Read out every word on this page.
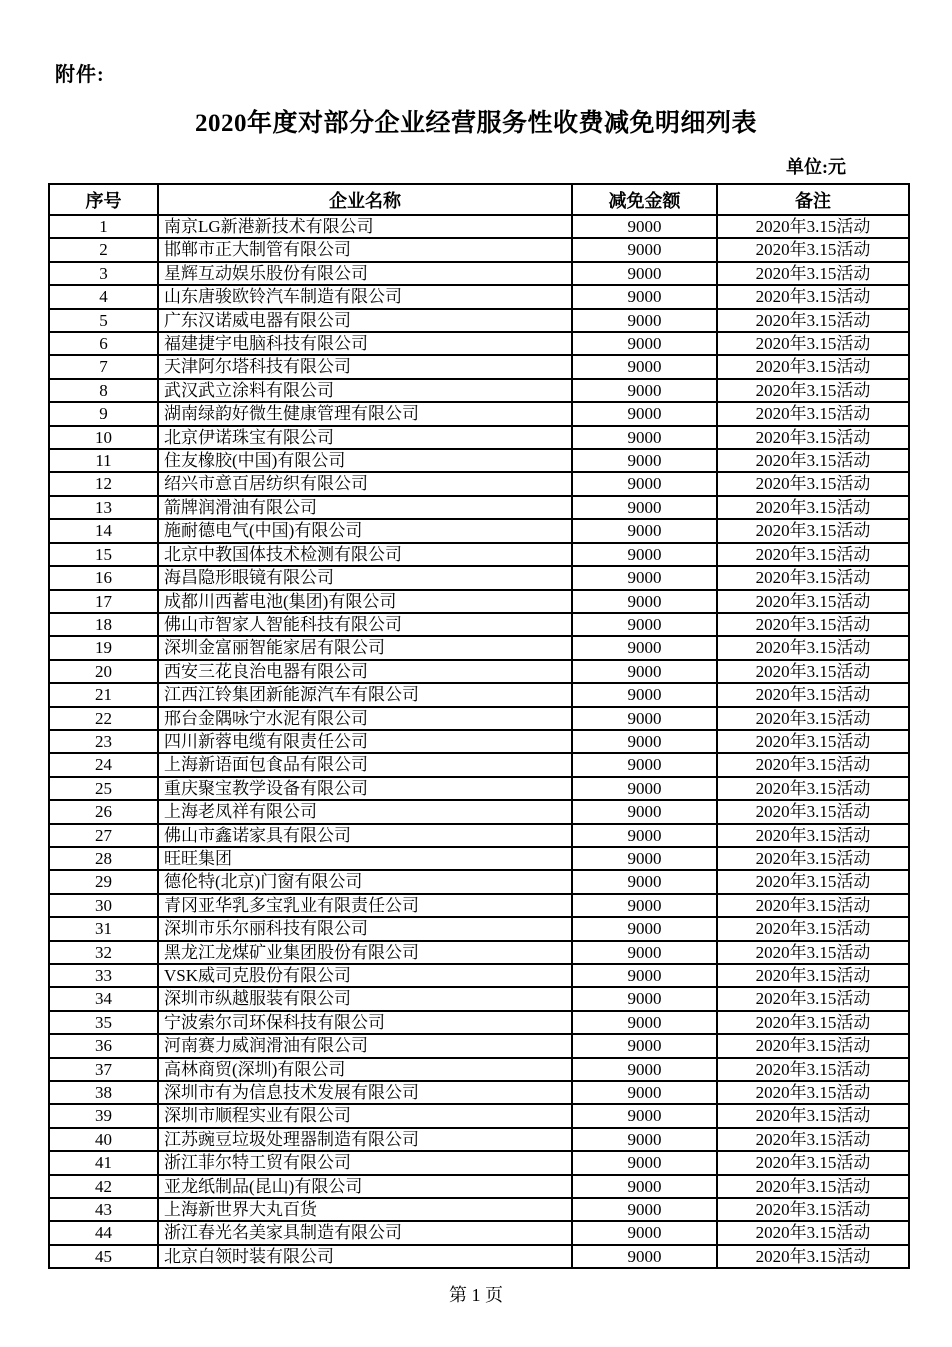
附件:
2020年度对部分企业经营服务性收费减免明细列表
单位:元
序号	企业名称	减免金额	备注
1	南京LG新港新技术有限公司	9000	2020年3.15活动
2	邯郸市正大制管有限公司	9000	2020年3.15活动
3	星辉互动娱乐股份有限公司	9000	2020年3.15活动
4	山东唐骏欧铃汽车制造有限公司	9000	2020年3.15活动
5	广东汉诺威电器有限公司	9000	2020年3.15活动
6	福建捷宇电脑科技有限公司	9000	2020年3.15活动
7	天津阿尔塔科技有限公司	9000	2020年3.15活动
8	武汉武立涂料有限公司	9000	2020年3.15活动
9	湖南绿韵好微生健康管理有限公司	9000	2020年3.15活动
10	北京伊诺珠宝有限公司	9000	2020年3.15活动
11	住友橡胶(中国)有限公司	9000	2020年3.15活动
12	绍兴市意百居纺织有限公司	9000	2020年3.15活动
13	箭牌润滑油有限公司	9000	2020年3.15活动
14	施耐德电气(中国)有限公司	9000	2020年3.15活动
15	北京中教国体技术检测有限公司	9000	2020年3.15活动
16	海昌隐形眼镜有限公司	9000	2020年3.15活动
17	成都川西蓄电池(集团)有限公司	9000	2020年3.15活动
18	佛山市智家人智能科技有限公司	9000	2020年3.15活动
19	深圳金富丽智能家居有限公司	9000	2020年3.15活动
20	西安三花良治电器有限公司	9000	2020年3.15活动
21	江西江铃集团新能源汽车有限公司	9000	2020年3.15活动
22	邢台金隅咏宁水泥有限公司	9000	2020年3.15活动
23	四川新蓉电缆有限责任公司	9000	2020年3.15活动
24	上海新语面包食品有限公司	9000	2020年3.15活动
25	重庆聚宝教学设备有限公司	9000	2020年3.15活动
26	上海老凤祥有限公司	9000	2020年3.15活动
27	佛山市鑫诺家具有限公司	9000	2020年3.15活动
28	旺旺集团	9000	2020年3.15活动
29	德伦特(北京)门窗有限公司	9000	2020年3.15活动
30	青冈亚华乳多宝乳业有限责任公司	9000	2020年3.15活动
31	深圳市乐尔丽科技有限公司	9000	2020年3.15活动
32	黑龙江龙煤矿业集团股份有限公司	9000	2020年3.15活动
33	VSK威司克股份有限公司	9000	2020年3.15活动
34	深圳市纵越服装有限公司	9000	2020年3.15活动
35	宁波索尔司环保科技有限公司	9000	2020年3.15活动
36	河南赛力威润滑油有限公司	9000	2020年3.15活动
37	高林商贸(深圳)有限公司	9000	2020年3.15活动
38	深圳市有为信息技术发展有限公司	9000	2020年3.15活动
39	深圳市顺程实业有限公司	9000	2020年3.15活动
40	江苏豌豆垃圾处理器制造有限公司	9000	2020年3.15活动
41	浙江菲尔特工贸有限公司	9000	2020年3.15活动
42	亚龙纸制品(昆山)有限公司	9000	2020年3.15活动
43	上海新世界大丸百货	9000	2020年3.15活动
44	浙江春光名美家具制造有限公司	9000	2020年3.15活动
45	北京白领时装有限公司	9000	2020年3.15活动
第 1 页
